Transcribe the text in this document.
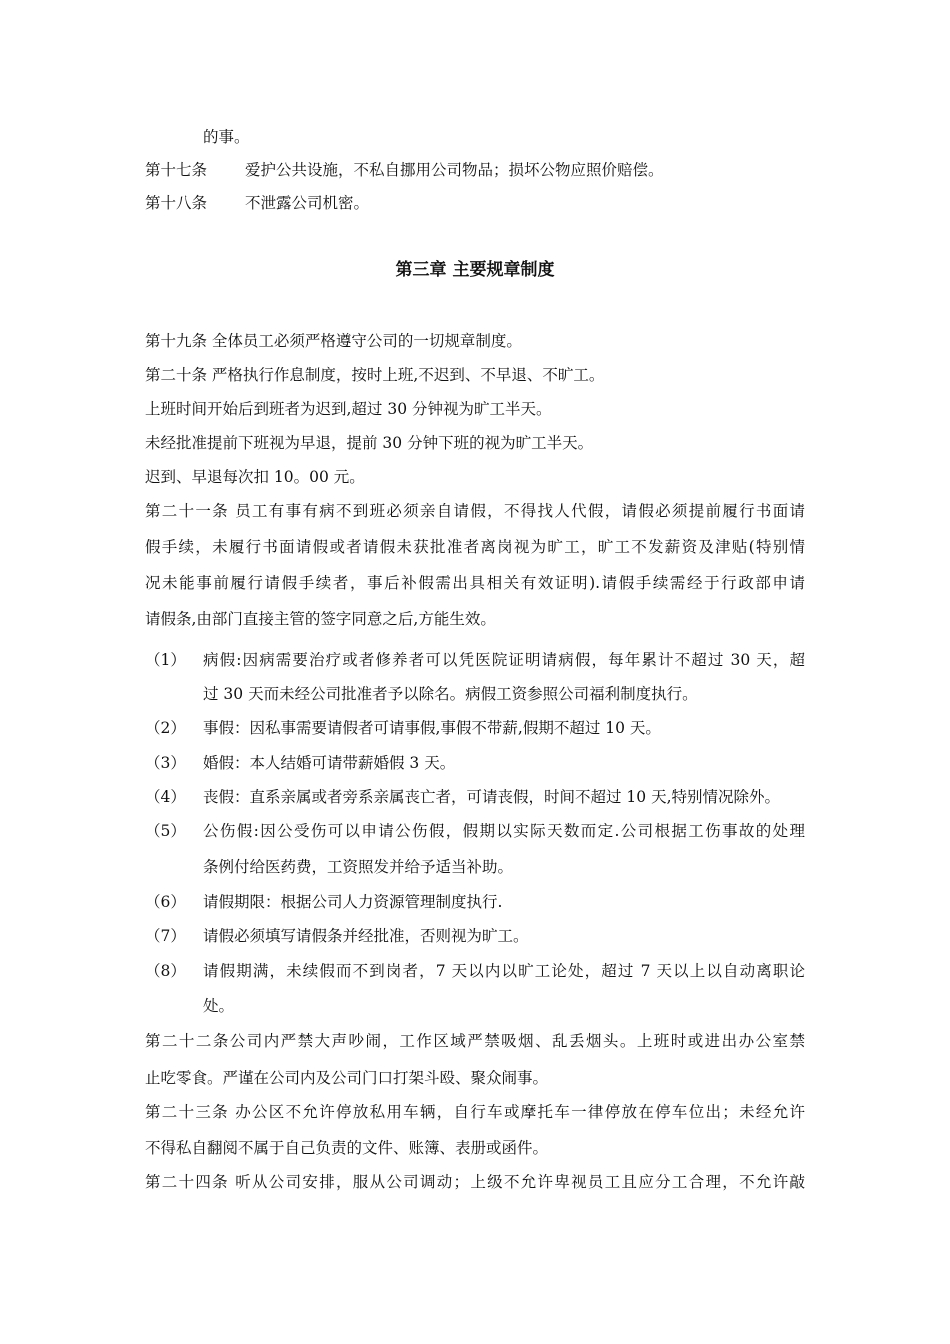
的事。
第十七条 爱护公共设施，不私自挪用公司物品；损坏公物应照价赔偿。
第十八条 不泄露公司机密。
第三章 主要规章制度
第十九条 全体员工必须严格遵守公司的一切规章制度。
第二十条 严格执行作息制度，按时上班,不迟到、不早退、不旷工。
上班时间开始后到班者为迟到,超过 30 分钟视为旷工半天。
未经批准提前下班视为早退，提前 30 分钟下班的视为旷工半天。
迟到、早退每次扣 10。00 元。
第二十一条 员工有事有病不到班必须亲自请假，不得找人代假，请假必须提前履行书面请
假手续，未履行书面请假或者请假未获批准者离岗视为旷工，旷工不发薪资及津贴(特别情
况未能事前履行请假手续者，事后补假需出具相关有效证明).请假手续需经于行政部申请
请假条,由部门直接主管的签字同意之后,方能生效。
（1） 病假:因病需要治疗或者修养者可以凭医院证明请病假，每年累计不超过 30 天，超
过 30 天而未经公司批准者予以除名。病假工资参照公司福利制度执行。
（2） 事假：因私事需要请假者可请事假,事假不带薪,假期不超过 10 天。
（3） 婚假：本人结婚可请带薪婚假 3 天。
（4） 丧假：直系亲属或者旁系亲属丧亡者，可请丧假，时间不超过 10 天,特别情况除外。
（5） 公伤假:因公受伤可以申请公伤假，假期以实际天数而定.公司根据工伤事故的处理
条例付给医药费，工资照发并给予适当补助。
（6） 请假期限：根据公司人力资源管理制度执行.
（7） 请假必须填写请假条并经批准，否则视为旷工。
（8） 请假期满，未续假而不到岗者，7 天以内以旷工论处，超过 7 天以上以自动离职论
处。
第二十二条公司内严禁大声吵闹，工作区域严禁吸烟、乱丢烟头。上班时或进出办公室禁
止吃零食。严谨在公司内及公司门口打架斗殴、聚众闹事。
第二十三条 办公区不允许停放私用车辆，自行车或摩托车一律停放在停车位出；未经允许
不得私自翻阅不属于自己负责的文件、账簿、表册或函件。
第二十四条 听从公司安排，服从公司调动；上级不允许卑视员工且应分工合理，不允许敲
